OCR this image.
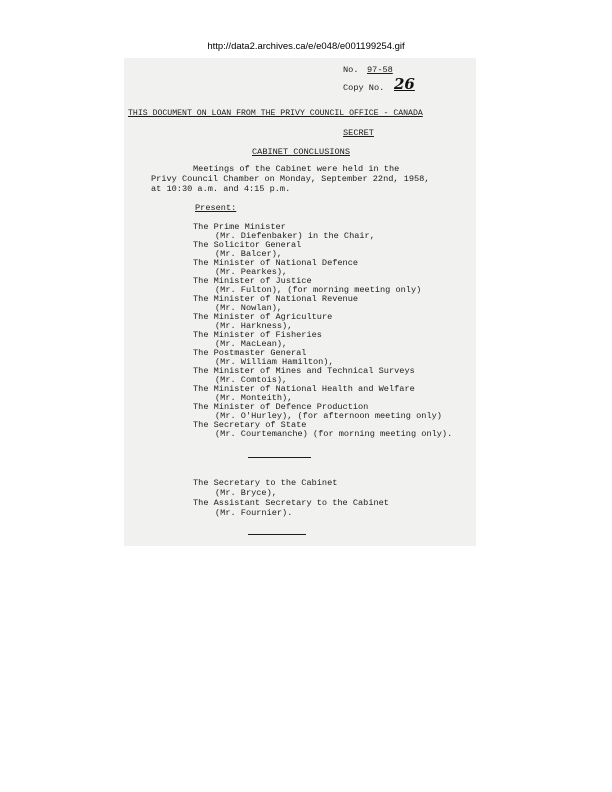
http://data2.archives.ca/e/e048/e001199254.gif
No. 97-58
Copy No. 26
THIS DOCUMENT ON LOAN FROM THE PRIVY COUNCIL OFFICE - CANADA
SECRET
CABINET CONCLUSIONS
Meetings of the Cabinet were held in the
Privy Council Chamber on Monday, September 22nd, 1958,
at 10:30 a.m. and 4:15 p.m.
Present:
The Prime Minister
(Mr. Diefenbaker) in the Chair,
The Solicitor General
(Mr. Balcer),
The Minister of National Defence
(Mr. Pearkes),
The Minister of Justice
(Mr. Fulton), (for morning meeting only)
The Minister of National Revenue
(Mr. Nowlan),
The Minister of Agriculture
(Mr. Harkness),
The Minister of Fisheries
(Mr. MacLean),
The Postmaster General
(Mr. William Hamilton),
The Minister of Mines and Technical Surveys
(Mr. Comtois),
The Minister of National Health and Welfare
(Mr. Monteith),
The Minister of Defence Production
(Mr. O'Hurley), (for afternoon meeting only)
The Secretary of State
(Mr. Courtemanche) (for morning meeting only).
The Secretary to the Cabinet
(Mr. Bryce),
The Assistant Secretary to the Cabinet
(Mr. Fournier).
